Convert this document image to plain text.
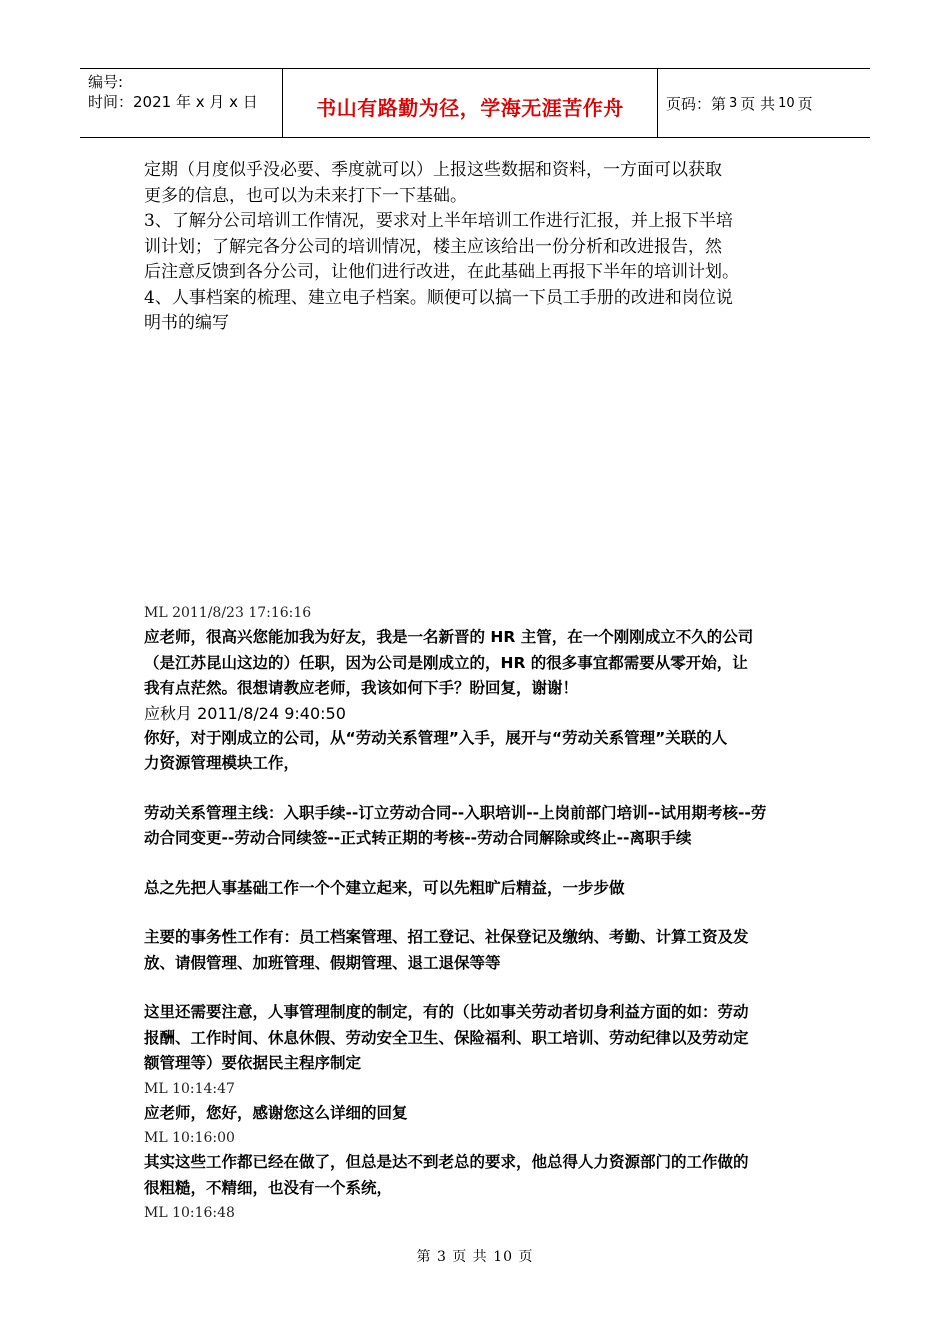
编号:
时间：2021 年 x 月 x 日	书山有路勤为径，学海无涯苦作舟	页码：第 3 页 共 10 页

定期（月度似乎没必要、季度就可以）上报这些数据和资料，一方面可以获取

更多的信息，也可以为未来打下一下基础。

3、了解分公司培训工作情况，要求对上半年培训工作进行汇报，并上报下半培

训计划；了解完各分公司的培训情况，楼主应该给出一份分析和改进报告，然

后注意反馈到各分公司，让他们进行改进，在此基础上再报下半年的培训计划。

4、人事档案的梳理、建立电子档案。顺便可以搞一下员工手册的改进和岗位说

明书的编写

ML 2011/8/23 17:16:16

应老师，很高兴您能加我为好友，我是一名新晋的 HR 主管，在一个刚刚成立不久的公司

（是江苏昆山这边的）任职，因为公司是刚成立的，HR 的很多事宜都需要从零开始，让

我有点茫然。很想请教应老师，我该如何下手？盼回复，谢谢！

应秋月 2011/8/24 9:40:50

你好，对于刚成立的公司，从“劳动关系管理”入手，展开与“劳动关系管理”关联的人

力资源管理模块工作，

劳动关系管理主线：入职手续--订立劳动合同--入职培训--上岗前部门培训--试用期考核--劳

动合同变更--劳动合同续签--正式转正期的考核--劳动合同解除或终止--离职手续

总之先把人事基础工作一个个建立起来，可以先粗旷后精益，一步步做

主要的事务性工作有：员工档案管理、招工登记、社保登记及缴纳、考勤、计算工资及发

放、请假管理、加班管理、假期管理、退工退保等等

这里还需要注意，人事管理制度的制定，有的（比如事关劳动者切身利益方面的如：劳动

报酬、工作时间、休息休假、劳动安全卫生、保险福利、职工培训、劳动纪律以及劳动定

额管理等）要依据民主程序制定

ML 10:14:47

应老师，您好，感谢您这么详细的回复

ML 10:16:00

其实这些工作都已经在做了，但总是达不到老总的要求，他总得人力资源部门的工作做的

很粗糙，不精细，也没有一个系统，

ML 10:16:48

第 3 页 共 10 页
